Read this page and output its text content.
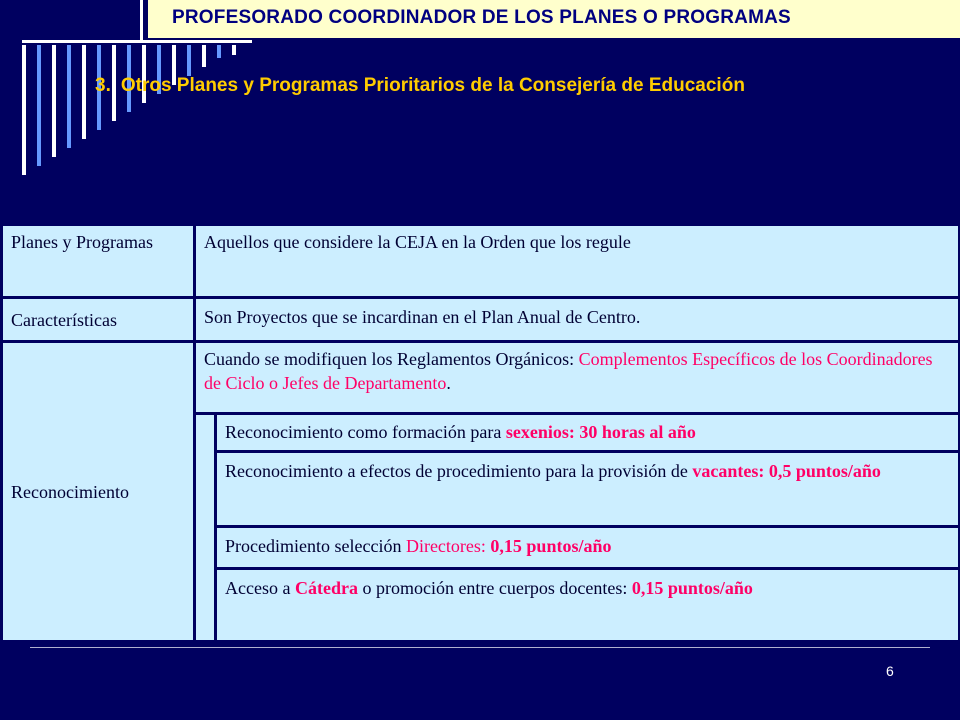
PROFESORADO COORDINADOR DE LOS PLANES O PROGRAMAS
3. Otros Planes y Programas Prioritarios de la Consejería de Educación
Planes y Programas	Aquellos que considere la CEJA en la Orden que los regule
Características	Son Proyectos que se incardinan en el Plan Anual de Centro.
Reconocimiento
Cuando se modifiquen los Reglamentos Orgánicos: Complementos Específicos de los Coordinadores de Ciclo o Jefes de Departamento.
Reconocimiento como formación para sexenios: 30 horas al año
Reconocimiento a efectos de procedimiento para la provisión de vacantes: 0,5 puntos/año
Procedimiento selección Directores: 0,15 puntos/año
Acceso a Cátedra o promoción entre cuerpos docentes: 0,15 puntos/año
6
